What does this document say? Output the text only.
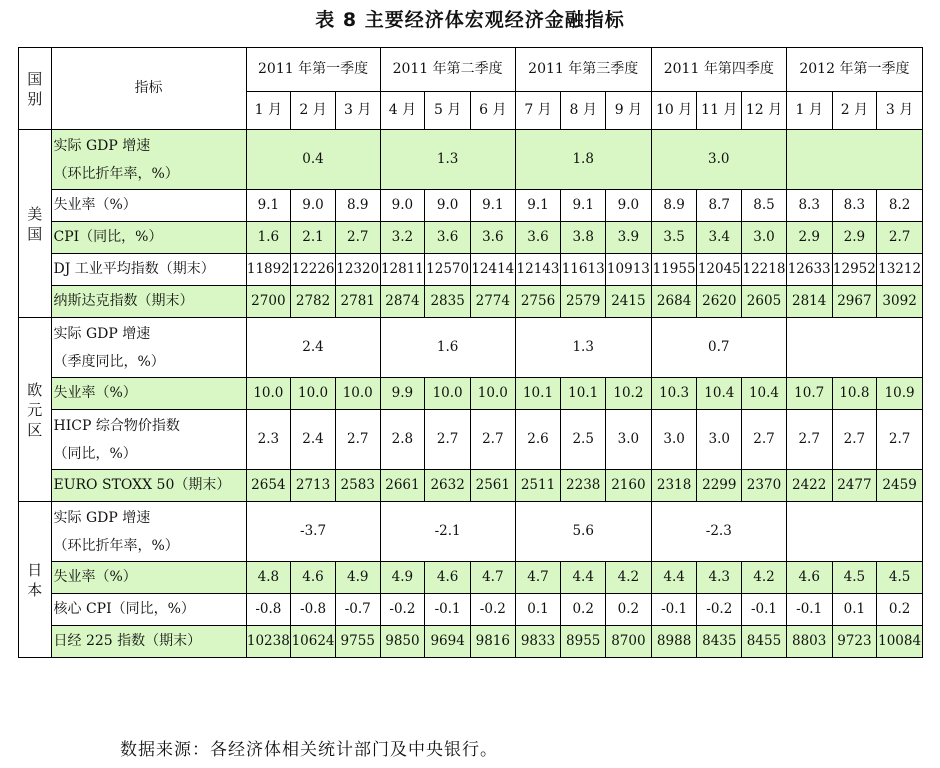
表 8 主要经济体宏观经济金融指标
国
别	指标	2011 年第一季度			2011 年第二季度			2011 年第三季度			2011 年第四季度			2012 年第一季度		
		1 月	2 月	3 月	4 月	5 月	6 月	7 月	8 月	9 月	10 月	11 月	12 月	1 月	2 月	3 月
美
国	实际 GDP 增速
（环比折年率，%）	0.4			1.3			1.8			3.0					
	失业率（%）	9.1	9.0	8.9	9.0	9.0	9.1	9.1	9.1	9.0	8.9	8.7	8.5	8.3	8.3	8.2
	CPI（同比，%）	1.6	2.1	2.7	3.2	3.6	3.6	3.6	3.8	3.9	3.5	3.4	3.0	2.9	2.9	2.7
	DJ 工业平均指数（期末）	11892	12226	12320	12811	12570	12414	12143	11613	10913	11955	12045	12218	12633	12952	13212
	纳斯达克指数（期末）	2700	2782	2781	2874	2835	2774	2756	2579	2415	2684	2620	2605	2814	2967	3092
欧
元
区	实际 GDP 增速
（季度同比，%）	2.4			1.6			1.3			0.7					
	失业率（%）	10.0	10.0	10.0	9.9	10.0	10.0	10.1	10.1	10.2	10.3	10.4	10.4	10.7	10.8	10.9
	HICP 综合物价指数
（同比，%）	2.3	2.4	2.7	2.8	2.7	2.7	2.6	2.5	3.0	3.0	3.0	2.7	2.7	2.7	2.7
	EURO STOXX 50（期末）	2654	2713	2583	2661	2632	2561	2511	2238	2160	2318	2299	2370	2422	2477	2459
日
本	实际 GDP 增速
（环比折年率，%）	-3.7			-2.1			5.6			-2.3					
	失业率（%）	4.8	4.6	4.9	4.9	4.6	4.7	4.7	4.4	4.2	4.4	4.3	4.2	4.6	4.5	4.5
	核心 CPI（同比，%）	-0.8	-0.8	-0.7	-0.2	-0.1	-0.2	0.1	0.2	0.2	-0.1	-0.2	-0.1	-0.1	0.1	0.2
	日经 225 指数（期末）	10238	10624	9755	9850	9694	9816	9833	8955	8700	8988	8435	8455	8803	9723	10084
数据来源：各经济体相关统计部门及中央银行。
